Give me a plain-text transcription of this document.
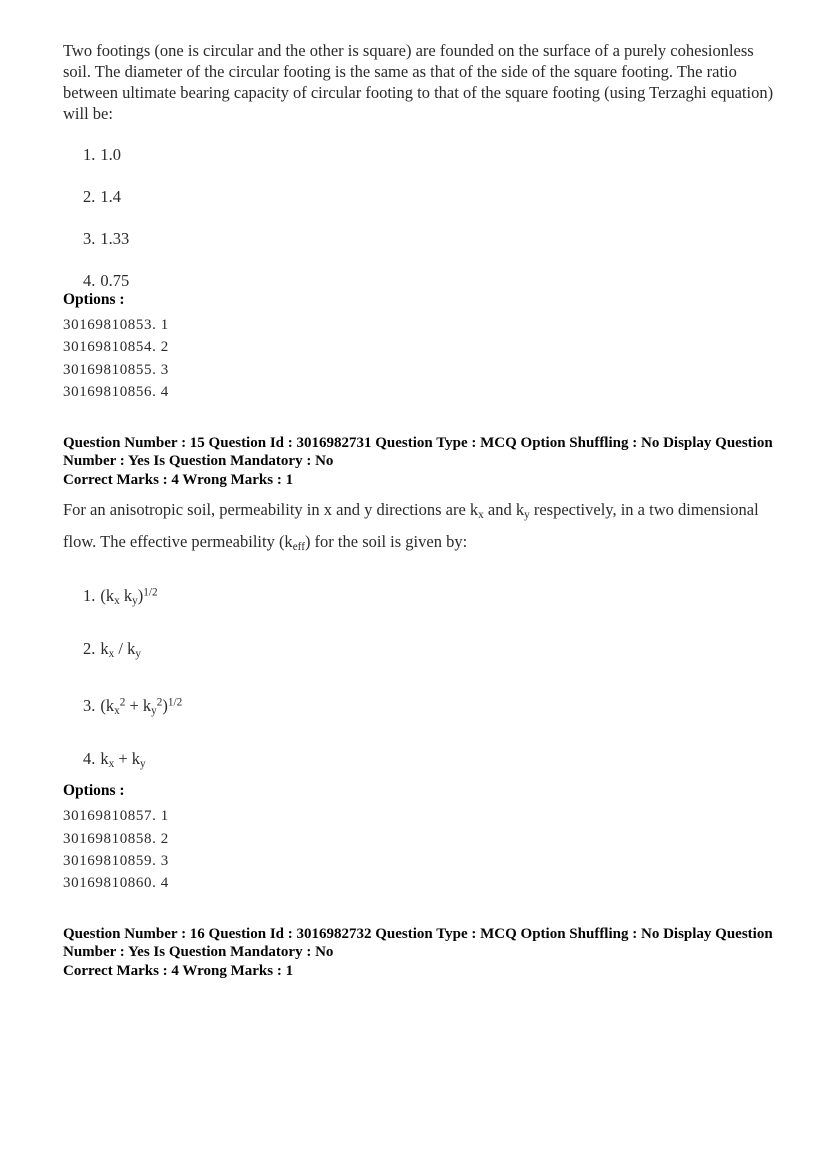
Two footings (one is circular and the other is square) are founded on the surface of a purely cohesionless soil. The diameter of the circular footing is the same as that of the side of the square footing. The ratio between ultimate bearing capacity of circular footing to that of the square footing (using Terzaghi equation) will be:

1. 1.0
2. 1.4
3. 1.33
4. 0.75

Options :

30169810853. 1
30169810854. 2
30169810855. 3
30169810856. 4

Question Number : 15 Question Id : 3016982731 Question Type : MCQ Option Shuffling : No Display Question Number : Yes Is Question Mandatory : No

Correct Marks : 4 Wrong Marks : 1

For an anisotropic soil, permeability in x and y directions are $k_x$ and $k_y$ respectively, in a two dimensional flow. The effective permeability $(k_{eff})$ for the soil is given by:

1. ($k_x$ $k_y)^{1/2}$
2. $k_x / k_y$
3. $(k_x^2 + k_y^2)^{1/2}$
4. $k_x + k_y$

Options :

30169810857. 1
30169810858. 2
30169810859. 3
30169810860. 4

Question Number : 16 Question Id : 3016982732 Question Type : MCQ Option Shuffling : No Display Question Number : Yes Is Question Mandatory : No

Correct Marks : 4 Wrong Marks : 1
